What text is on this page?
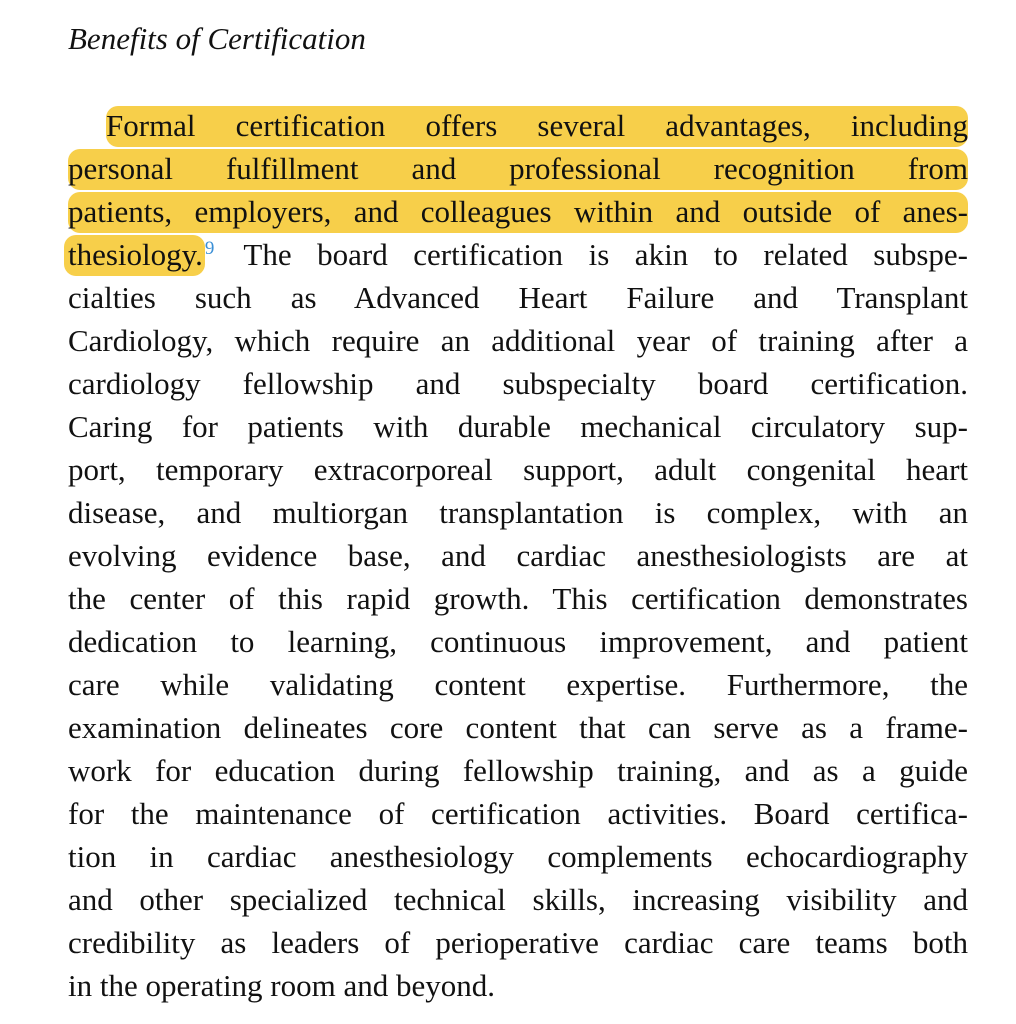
Benefits of Certification
Formal certification offers several advantages, including
personal fulfillment and professional recognition from
patients, employers, and colleagues within and outside of anes-
thesiology. $^9$ The board certification is akin to related subspe-
cialties such as Advanced Heart Failure and Transplant
Cardiology, which require an additional year of training after a
cardiology fellowship and subspecialty board certification.
Caring for patients with durable mechanical circulatory sup-
port, temporary extracorporeal support, adult congenital heart
disease, and multiorgan transplantation is complex, with an
evolving evidence base, and cardiac anesthesiologists are at
the center of this rapid growth. This certification demonstrates
dedication to learning, continuous improvement, and patient
care while validating content expertise. Furthermore, the
examination delineates core content that can serve as a frame-
work for education during fellowship training, and as a guide
for the maintenance of certification activities. Board certifica-
tion in cardiac anesthesiology complements echocardiography
and other specialized technical skills, increasing visibility and
credibility as leaders of perioperative cardiac care teams both
in the operating room and beyond.
